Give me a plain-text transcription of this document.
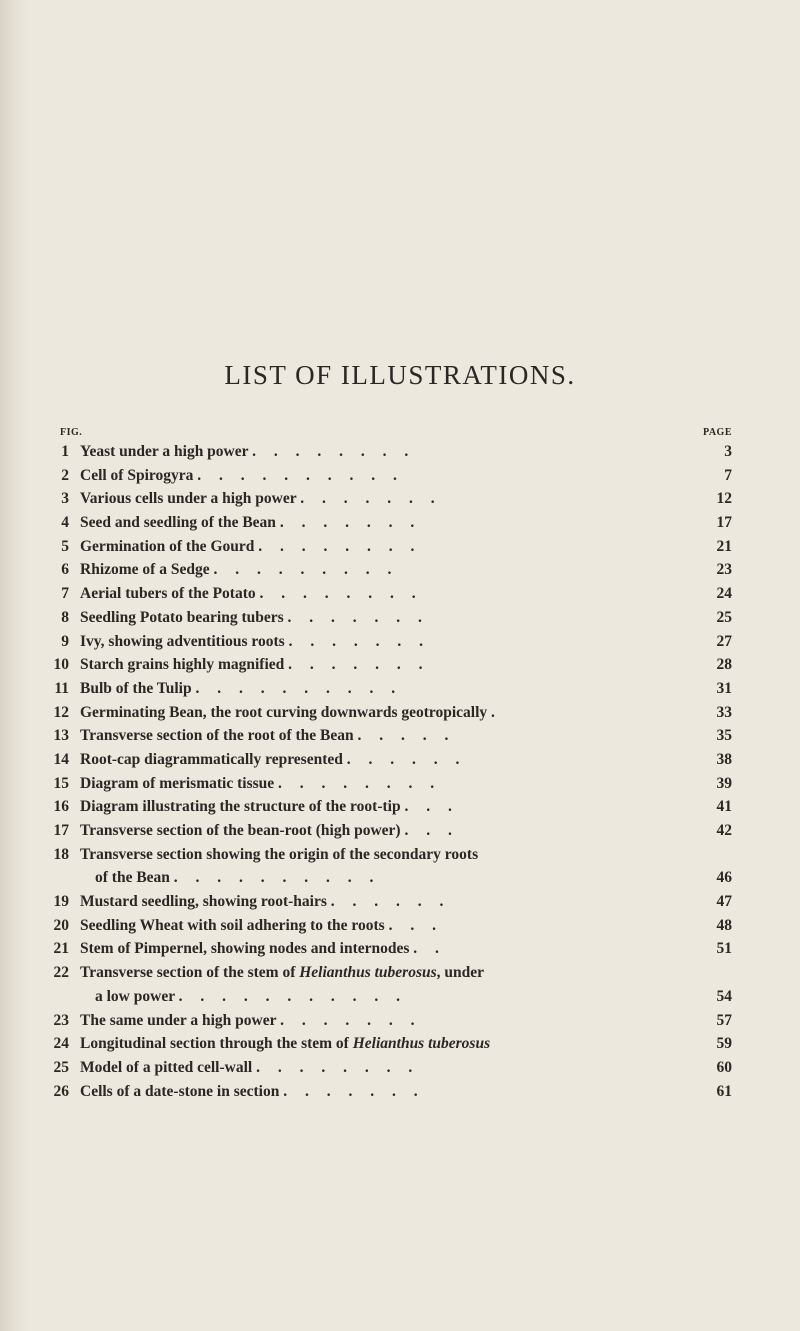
LIST OF ILLUSTRATIONS.
FIG.	PAGE
1 Yeast under a high power . . . . . . . .	3
2 Cell of Spirogyra . . . . . . . . . .	7
3 Various cells under a high power . . . . . . .	12
4 Seed and seedling of the Bean . . . . . . .	17
5 Germination of the Gourd . . . . . . . .	21
6 Rhizome of a Sedge . . . . . . . . .	23
7 Aerial tubers of the Potato . . . . . . . .	24
8 Seedling Potato bearing tubers . . . . . . .	25
9 Ivy, showing adventitious roots . . . . . . .	27
10 Starch grains highly magnified . . . . . . .	28
11 Bulb of the Tulip . . . . . . . . . .	31
12 Germinating Bean, the root curving downwards geotropically .	33
13 Transverse section of the root of the Bean . . . . .	35
14 Root-cap diagrammatically represented . . . . . .	38
15 Diagram of merismatic tissue . . . . . . . .	39
16 Diagram illustrating the structure of the root-tip . . .	41
17 Transverse section of the bean-root (high power) . . .	42
18 Transverse section showing the origin of the secondary roots
of the Bean . . . . . . . . . .	46
19 Mustard seedling, showing root-hairs . . . . . .	47
20 Seedling Wheat with soil adhering to the roots . . .	48
21 Stem of Pimpernel, showing nodes and internodes . .	51
22 Transverse section of the stem of Helianthus tuberosus, under
a low power . . . . . . . . . . .	54
23 The same under a high power . . . . . . .	57
24 Longitudinal section through the stem of Helianthus tuberosus	59
25 Model of a pitted cell-wall . . . . . . . .	60
26 Cells of a date-stone in section . . . . . . .	61
